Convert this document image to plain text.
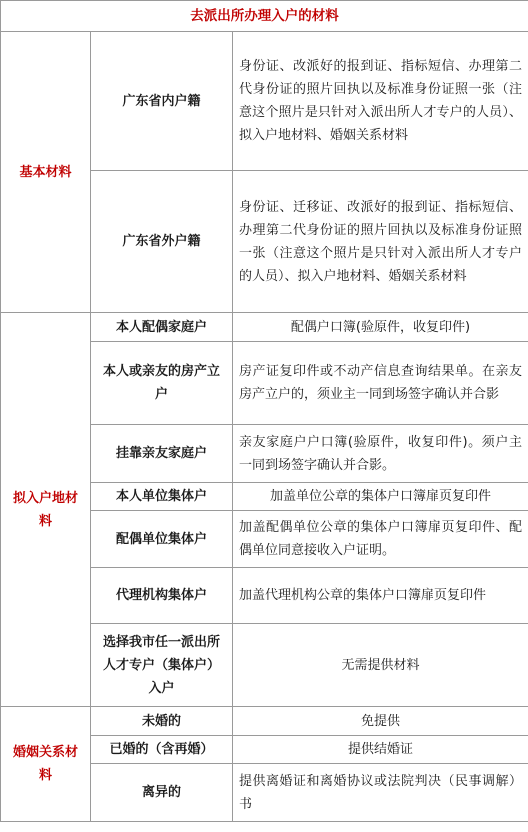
去派出所办理入户的材料		
基本材料	广东省内户籍	身份证、改派好的报到证、指标短信、办理第二代身份证的照片回执以及标准身份证照一张（注意这个照片是只针对入派出所人才专户的人员）、拟入户地材料、婚姻关系材料
	广东省外户籍	身份证、迁移证、改派好的报到证、指标短信、办理第二代身份证的照片回执以及标准身份证照一张（注意这个照片是只针对入派出所人才专户的人员）、拟入户地材料、婚姻关系材料
拟入户地材料	本人配偶家庭户	配偶户口簿(验原件，收复印件)
	本人或亲友的房产立户	房产证复印件或不动产信息查询结果单。在亲友房产立户的，须业主一同到场签字确认并合影
	挂靠亲友家庭户	亲友家庭户户口簿(验原件，收复印件)。须户主一同到场签字确认并合影。
	本人单位集体户	加盖单位公章的集体户口簿扉页复印件
	配偶单位集体户	加盖配偶单位公章的集体户口簿扉页复印件、配偶单位同意接收入户证明。
	代理机构集体户	加盖代理机构公章的集体户口簿扉页复印件
	选择我市任一派出所人才专户（集体户）入户	无需提供材料
婚姻关系材料	未婚的	免提供
	已婚的（含再婚）	提供结婚证
	离异的	提供离婚证和离婚协议或法院判决（民事调解）书
